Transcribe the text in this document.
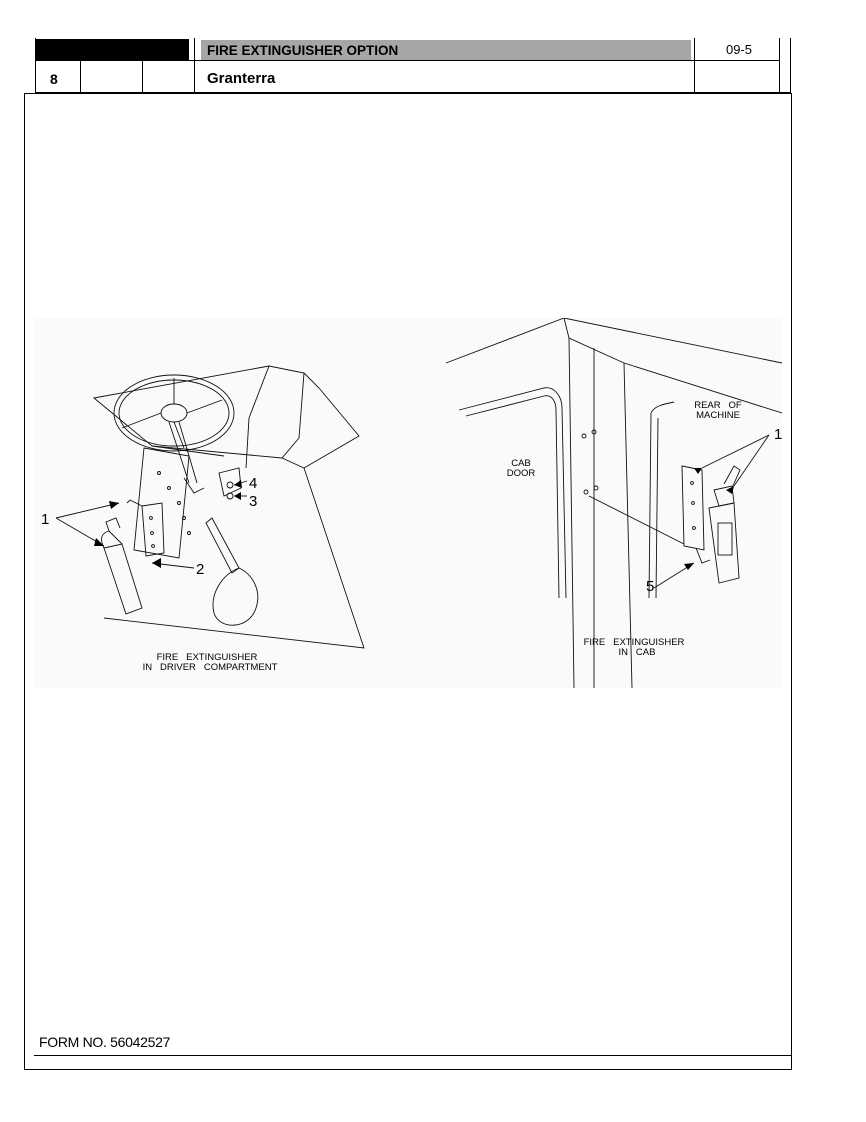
FIRE EXTINGUISHER OPTION	09-5
8	Granterra
1
2
3
4
1
5
FIRE   EXTINGUISHER
IN   DRIVER   COMPARTMENT
FIRE   EXTINGUISHER
IN   CAB
REAR   OF
MACHINE
CAB
DOOR
FORM NO. 56042527
